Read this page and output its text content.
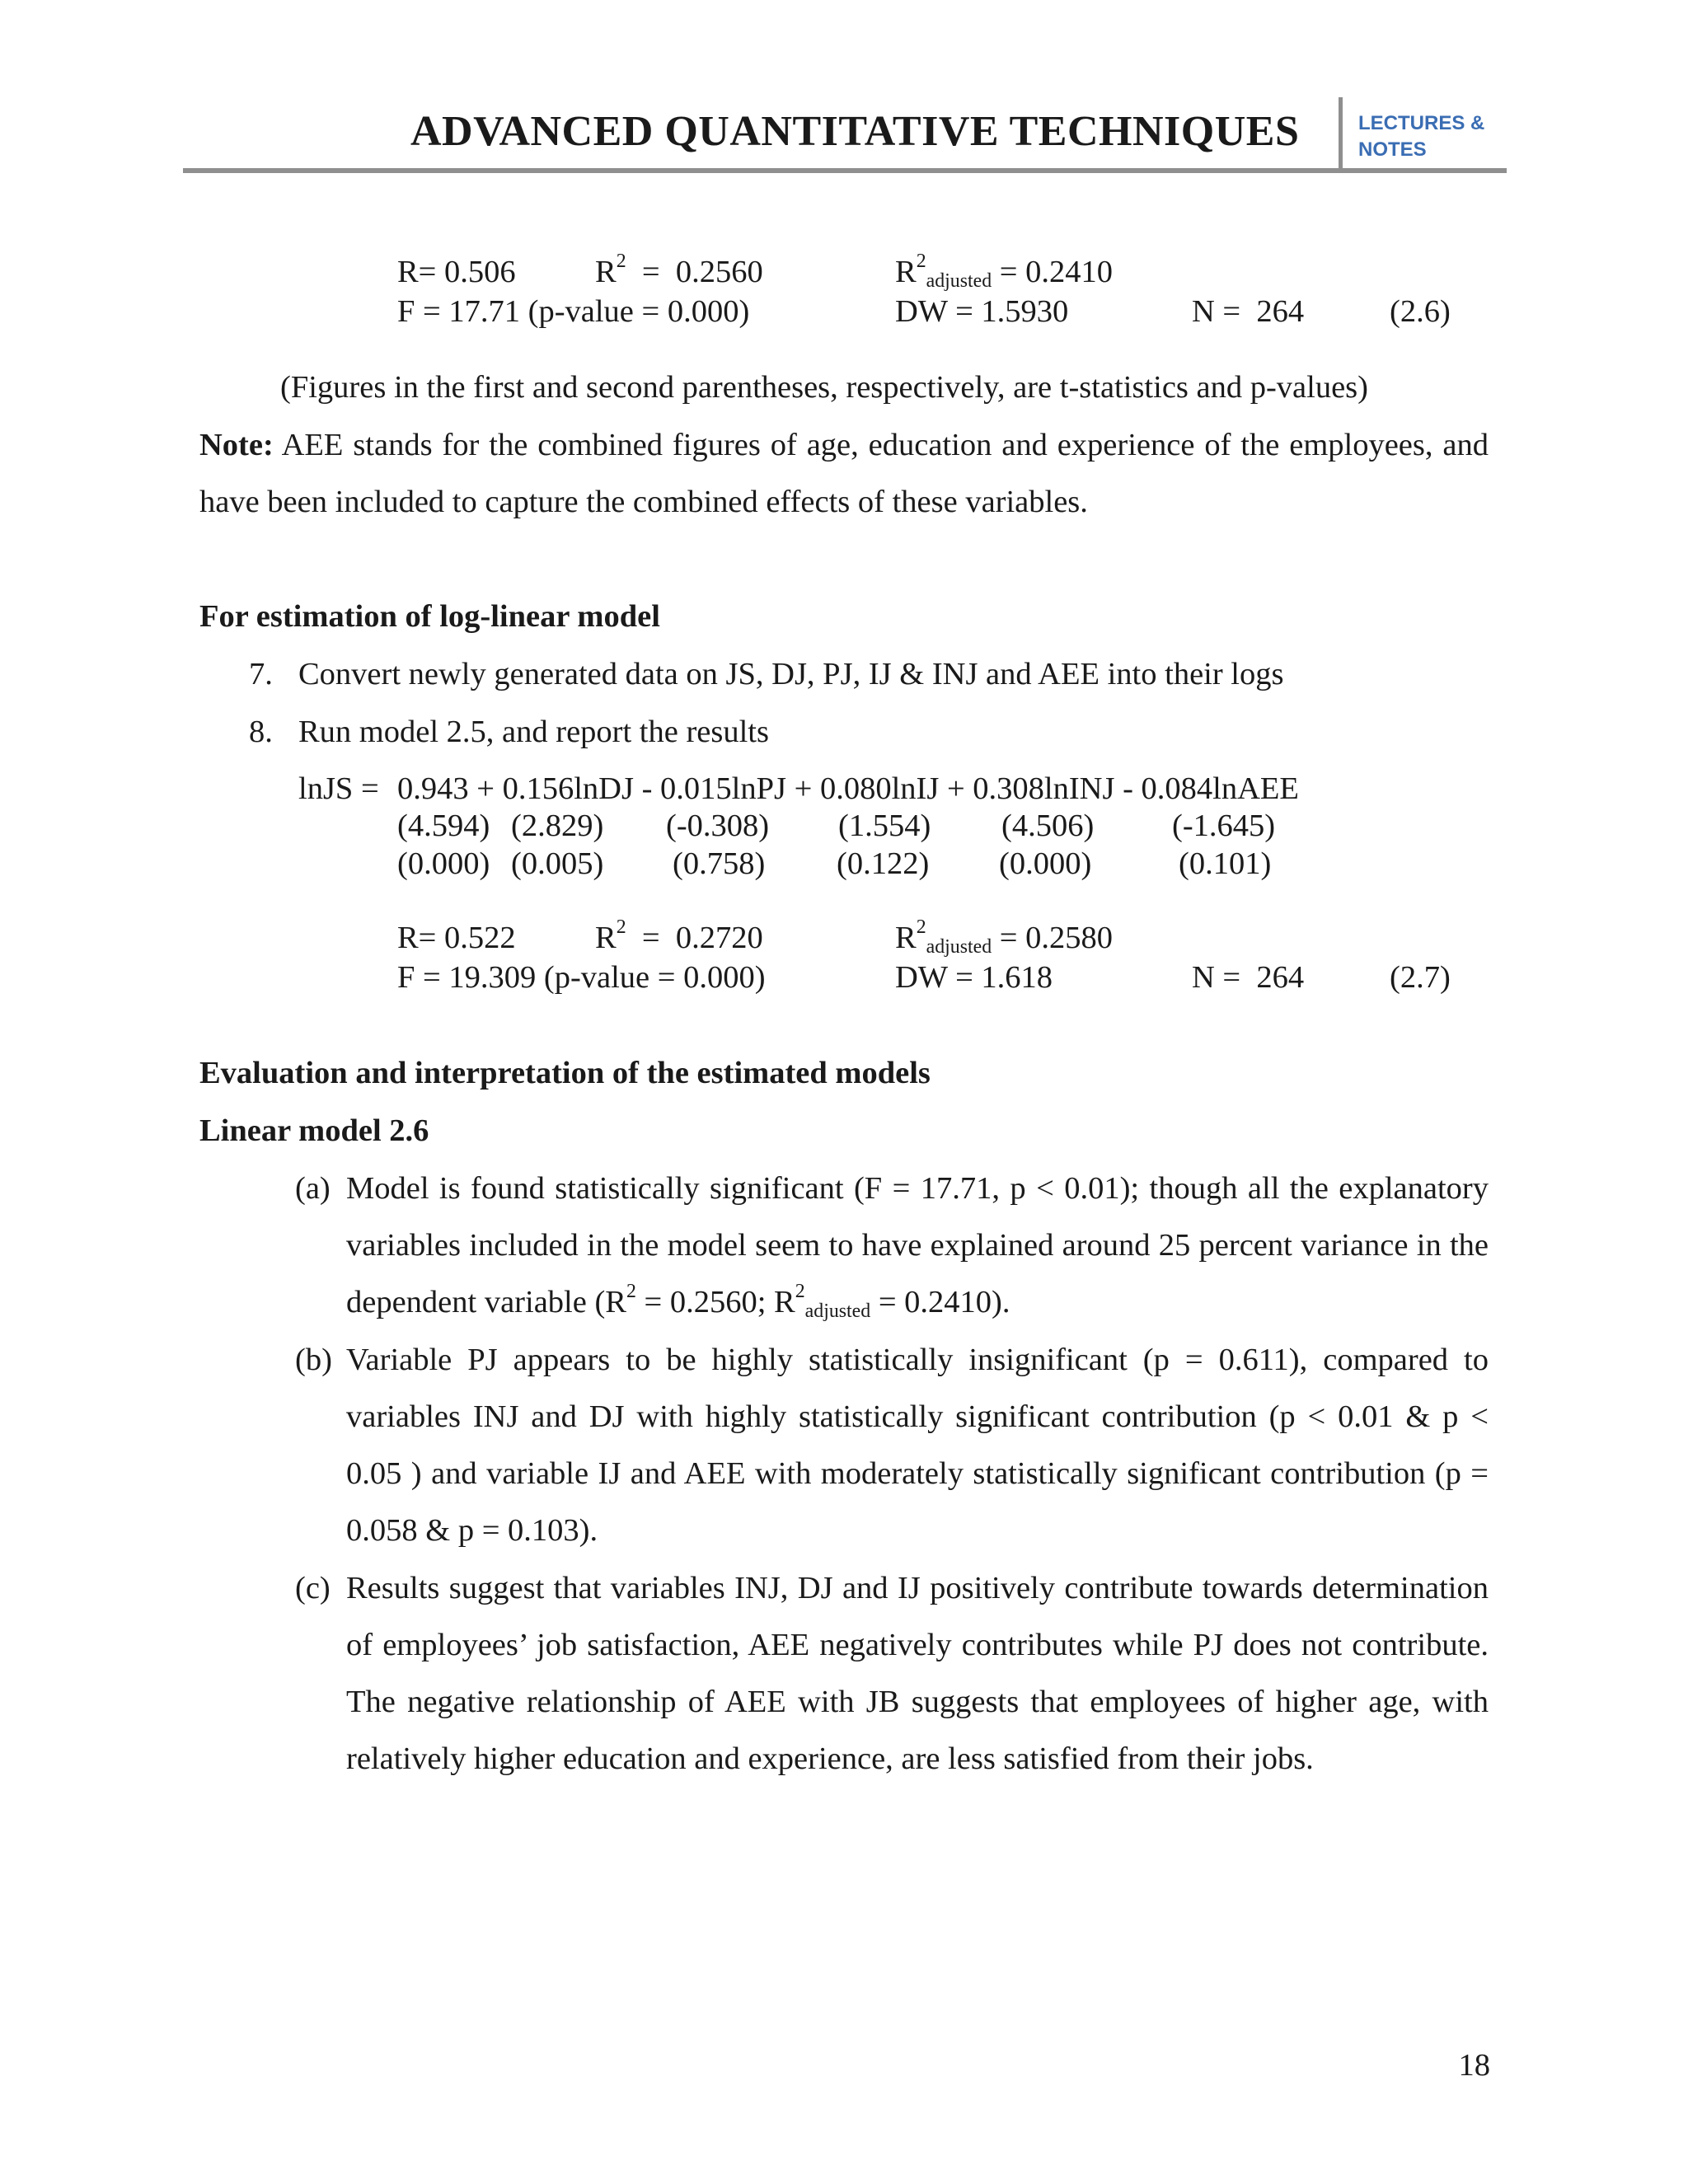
ADVANCED QUANTITATIVE TECHNIQUES	LECTURES &
NOTES
R= 0.506	$R^2 = 0.2560$	$R^2_{adjusted} = 0.2410$
F = 17.71 (p-value = 0.000)	DW = 1.5930	N =  264	(2.6)
(Figures in the first and second parentheses, respectively, are t-statistics and p-values)

Note: AEE stands for the combined figures of age, education and experience of the employees, and have been included to capture the combined effects of these variables.

For estimation of log-linear model
7. Convert newly generated data on JS, DJ, PJ, IJ & INJ and AEE into their logs
8. Run model 2.5, and report the results
lnJS = 0.943 + 0.156lnDJ - 0.015lnPJ + 0.080lnIJ + 0.308lnINJ - 0.084lnAEE
(4.594) (2.829) (-0.308) (1.554) (4.506) (-1.645)
(0.000) (0.005) (0.758) (0.122) (0.000)	(0.101)
R= 0.522	$R^2 = 0.2720$	$R^2_{adjusted} = 0.2580$
F = 19.309 (p-value = 0.000)	DW = 1.618	N =  264	(2.7)
Evaluation and interpretation of the estimated models
Linear model 2.6
(a) Model is found statistically significant (F = 17.71, p < 0.01); though all the explanatory variables included in the model seem to have explained around 25 percent variance in the dependent variable ($R^2 = 0.2560$; $R^2_{adjusted} = 0.2410$).
(b) Variable PJ appears to be highly statistically insignificant (p = 0.611), compared to variables INJ and DJ with highly statistically significant contribution (p < 0.01 & p < 0.05 ) and variable IJ and AEE with moderately statistically significant contribution (p = 0.058 & p = 0.103).
(c) Results suggest that variables INJ, DJ and IJ positively contribute towards determination of employees’ job satisfaction, AEE negatively contributes while PJ does not contribute. The negative relationship of AEE with JB suggests that employees of higher age, with relatively higher education and experience, are less satisfied from their jobs.
18
